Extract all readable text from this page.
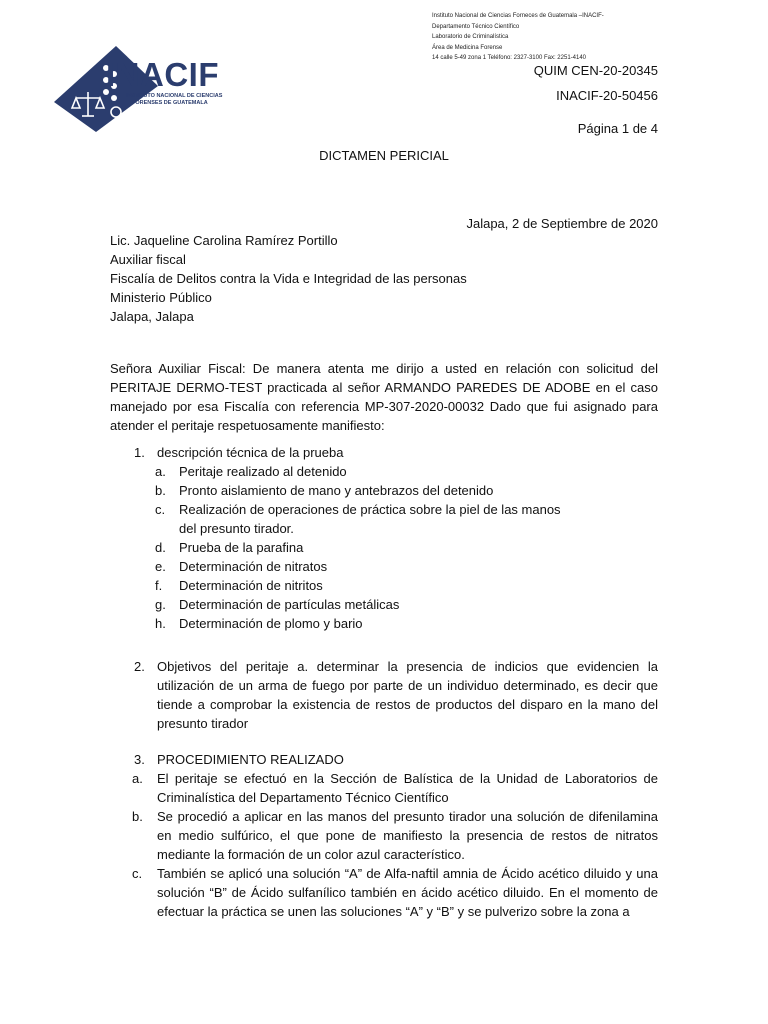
Instituto Nacional de Ciencias Forneces de Guatemala –INACIF-
Departamento Técnico Científico
Laboratorio de Criminalística
Área de Medicina Forense
14 calle 5-49 zona 1 Teléfono: 2327-3100 Fax: 2251-4140
INACIF
INSTITUTO NACIONAL DE CIENCIAS
FORENSES DE GUATEMALA
QUIM CEN-20-20345
INACIF-20-50456
Página 1 de 4
DICTAMEN PERICIAL
Jalapa, 2 de Septiembre de 2020
Lic. Jaqueline Carolina Ramírez Portillo
Auxiliar fiscal
Fiscalía de Delitos contra la Vida e Integridad de las personas
Ministerio Público
Jalapa, Jalapa
Señora Auxiliar Fiscal: De manera atenta me dirijo a usted en relación con solicitud del PERITAJE DERMO-TEST practicada al señor ARMANDO PAREDES DE ADOBE en el caso manejado por esa Fiscalía con referencia MP-307-2020-00032 Dado que fui asignado para atender el peritaje respetuosamente manifiesto:
1. descripción técnica de la prueba
a. Peritaje realizado al detenido
b. Pronto aislamiento de mano y antebrazos del detenido
c. Realización de operaciones de práctica sobre la piel de las manos del presunto tirador.
d. Prueba de la parafina
e. Determinación de nitratos
f. Determinación de nitritos
g. Determinación de partículas metálicas
h. Determinación de plomo y bario
2. Objetivos del peritaje a. determinar la presencia de indicios que evidencien la utilización de un arma de fuego por parte de un individuo determinado, es decir que tiende a comprobar la existencia de restos de productos del disparo en la mano del presunto tirador
3. PROCEDIMIENTO REALIZADO
a. El peritaje se efectuó en la Sección de Balística de la Unidad de Laboratorios de Criminalística del Departamento Técnico Científico
b. Se procedió a aplicar en las manos del presunto tirador una solución de difenilamina en medio sulfúrico, el que pone de manifiesto la presencia de restos de nitratos mediante la formación de un color azul característico.
c. También se aplicó una solución “A” de Alfa-naftil amnia de Ácido acético diluido y una solución “B” de Ácido sulfanílico también en ácido acético diluido. En el momento de efectuar la práctica se unen las soluciones “A” y “B” y se pulverizo sobre la zona a
